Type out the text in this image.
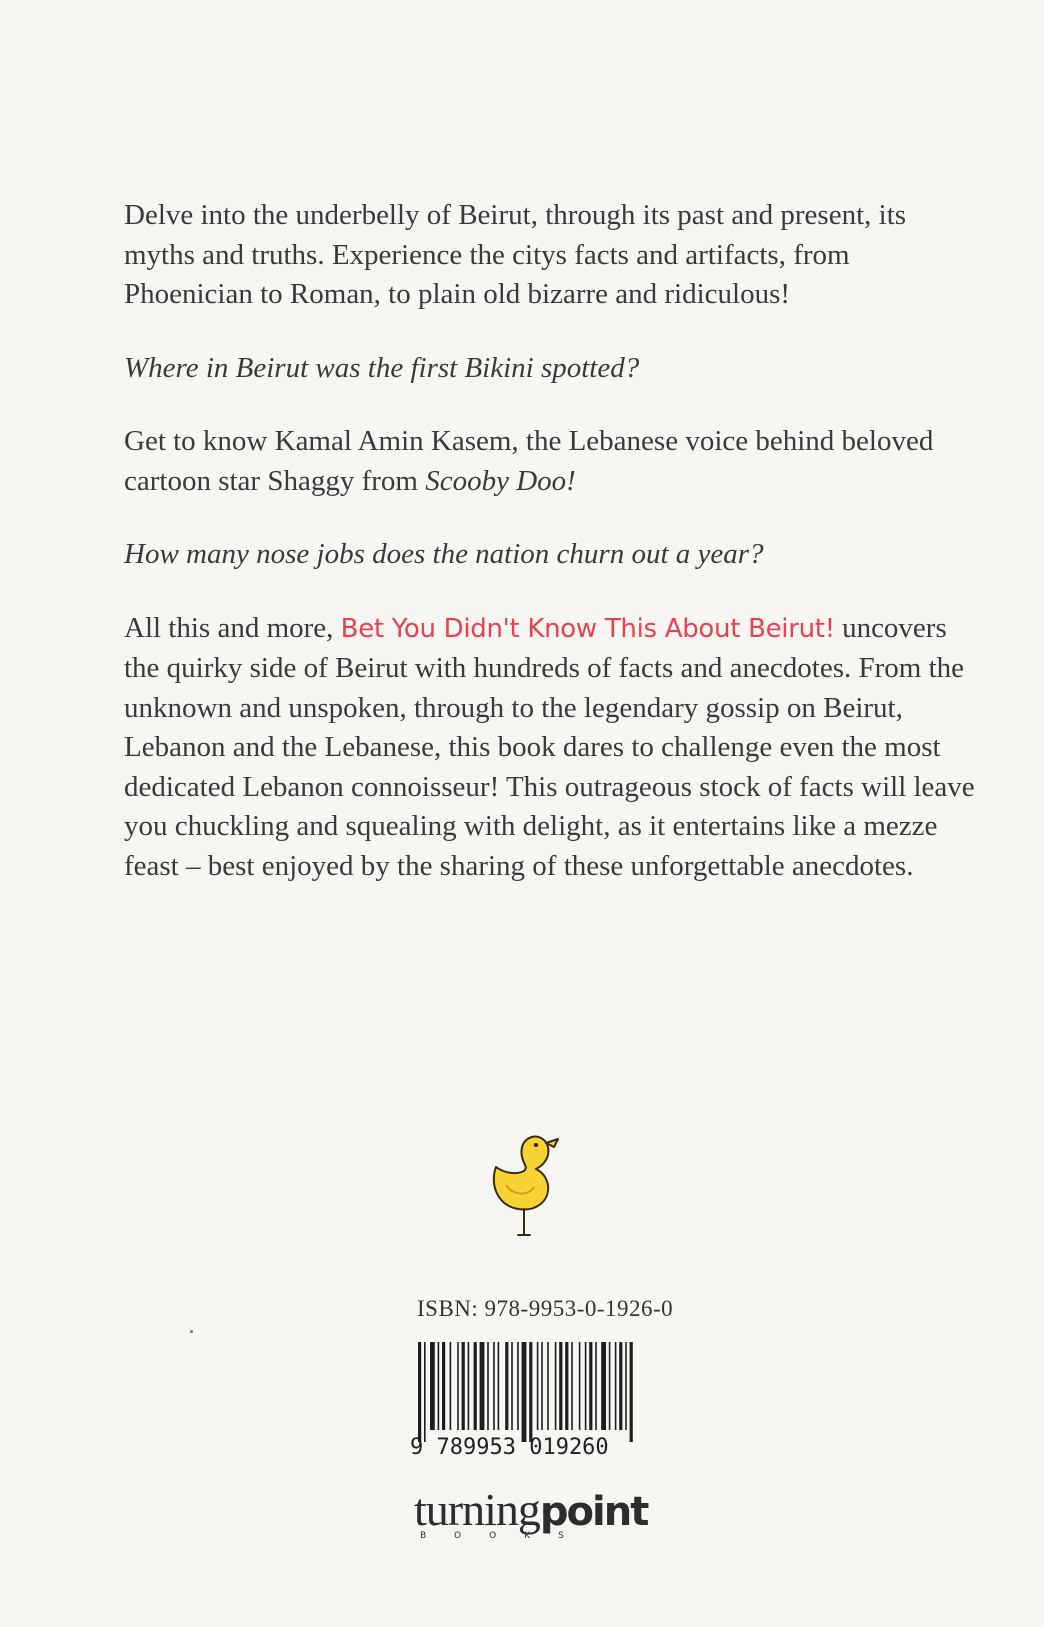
Delve into the underbelly of Beirut, through its past and present, its myths and truths. Experience the citys facts and artifacts, from Phoenician to Roman, to plain old bizarre and ridiculous!

Where in Beirut was the first Bikini spotted?

Get to know Kamal Amin Kasem, the Lebanese voice behind beloved cartoon star Shaggy from Scooby Doo!

How many nose jobs does the nation churn out a year?

All this and more, Bet You Didn't Know This About Beirut! uncovers the quirky side of Beirut with hundreds of facts and anecdotes. From the unknown and unspoken, through to the legendary gossip on Beirut, Lebanon and the Lebanese, this book dares to challenge even the most dedicated Lebanon connoisseur! This outrageous stock of facts will leave you chuckling and squealing with delight, as it entertains like a mezze feast – best enjoyed by the sharing of these unforgettable anecdotes.

ISBN: 978-9953-0-1926-0
9 789953 019260
turningpoint
BOOKS
